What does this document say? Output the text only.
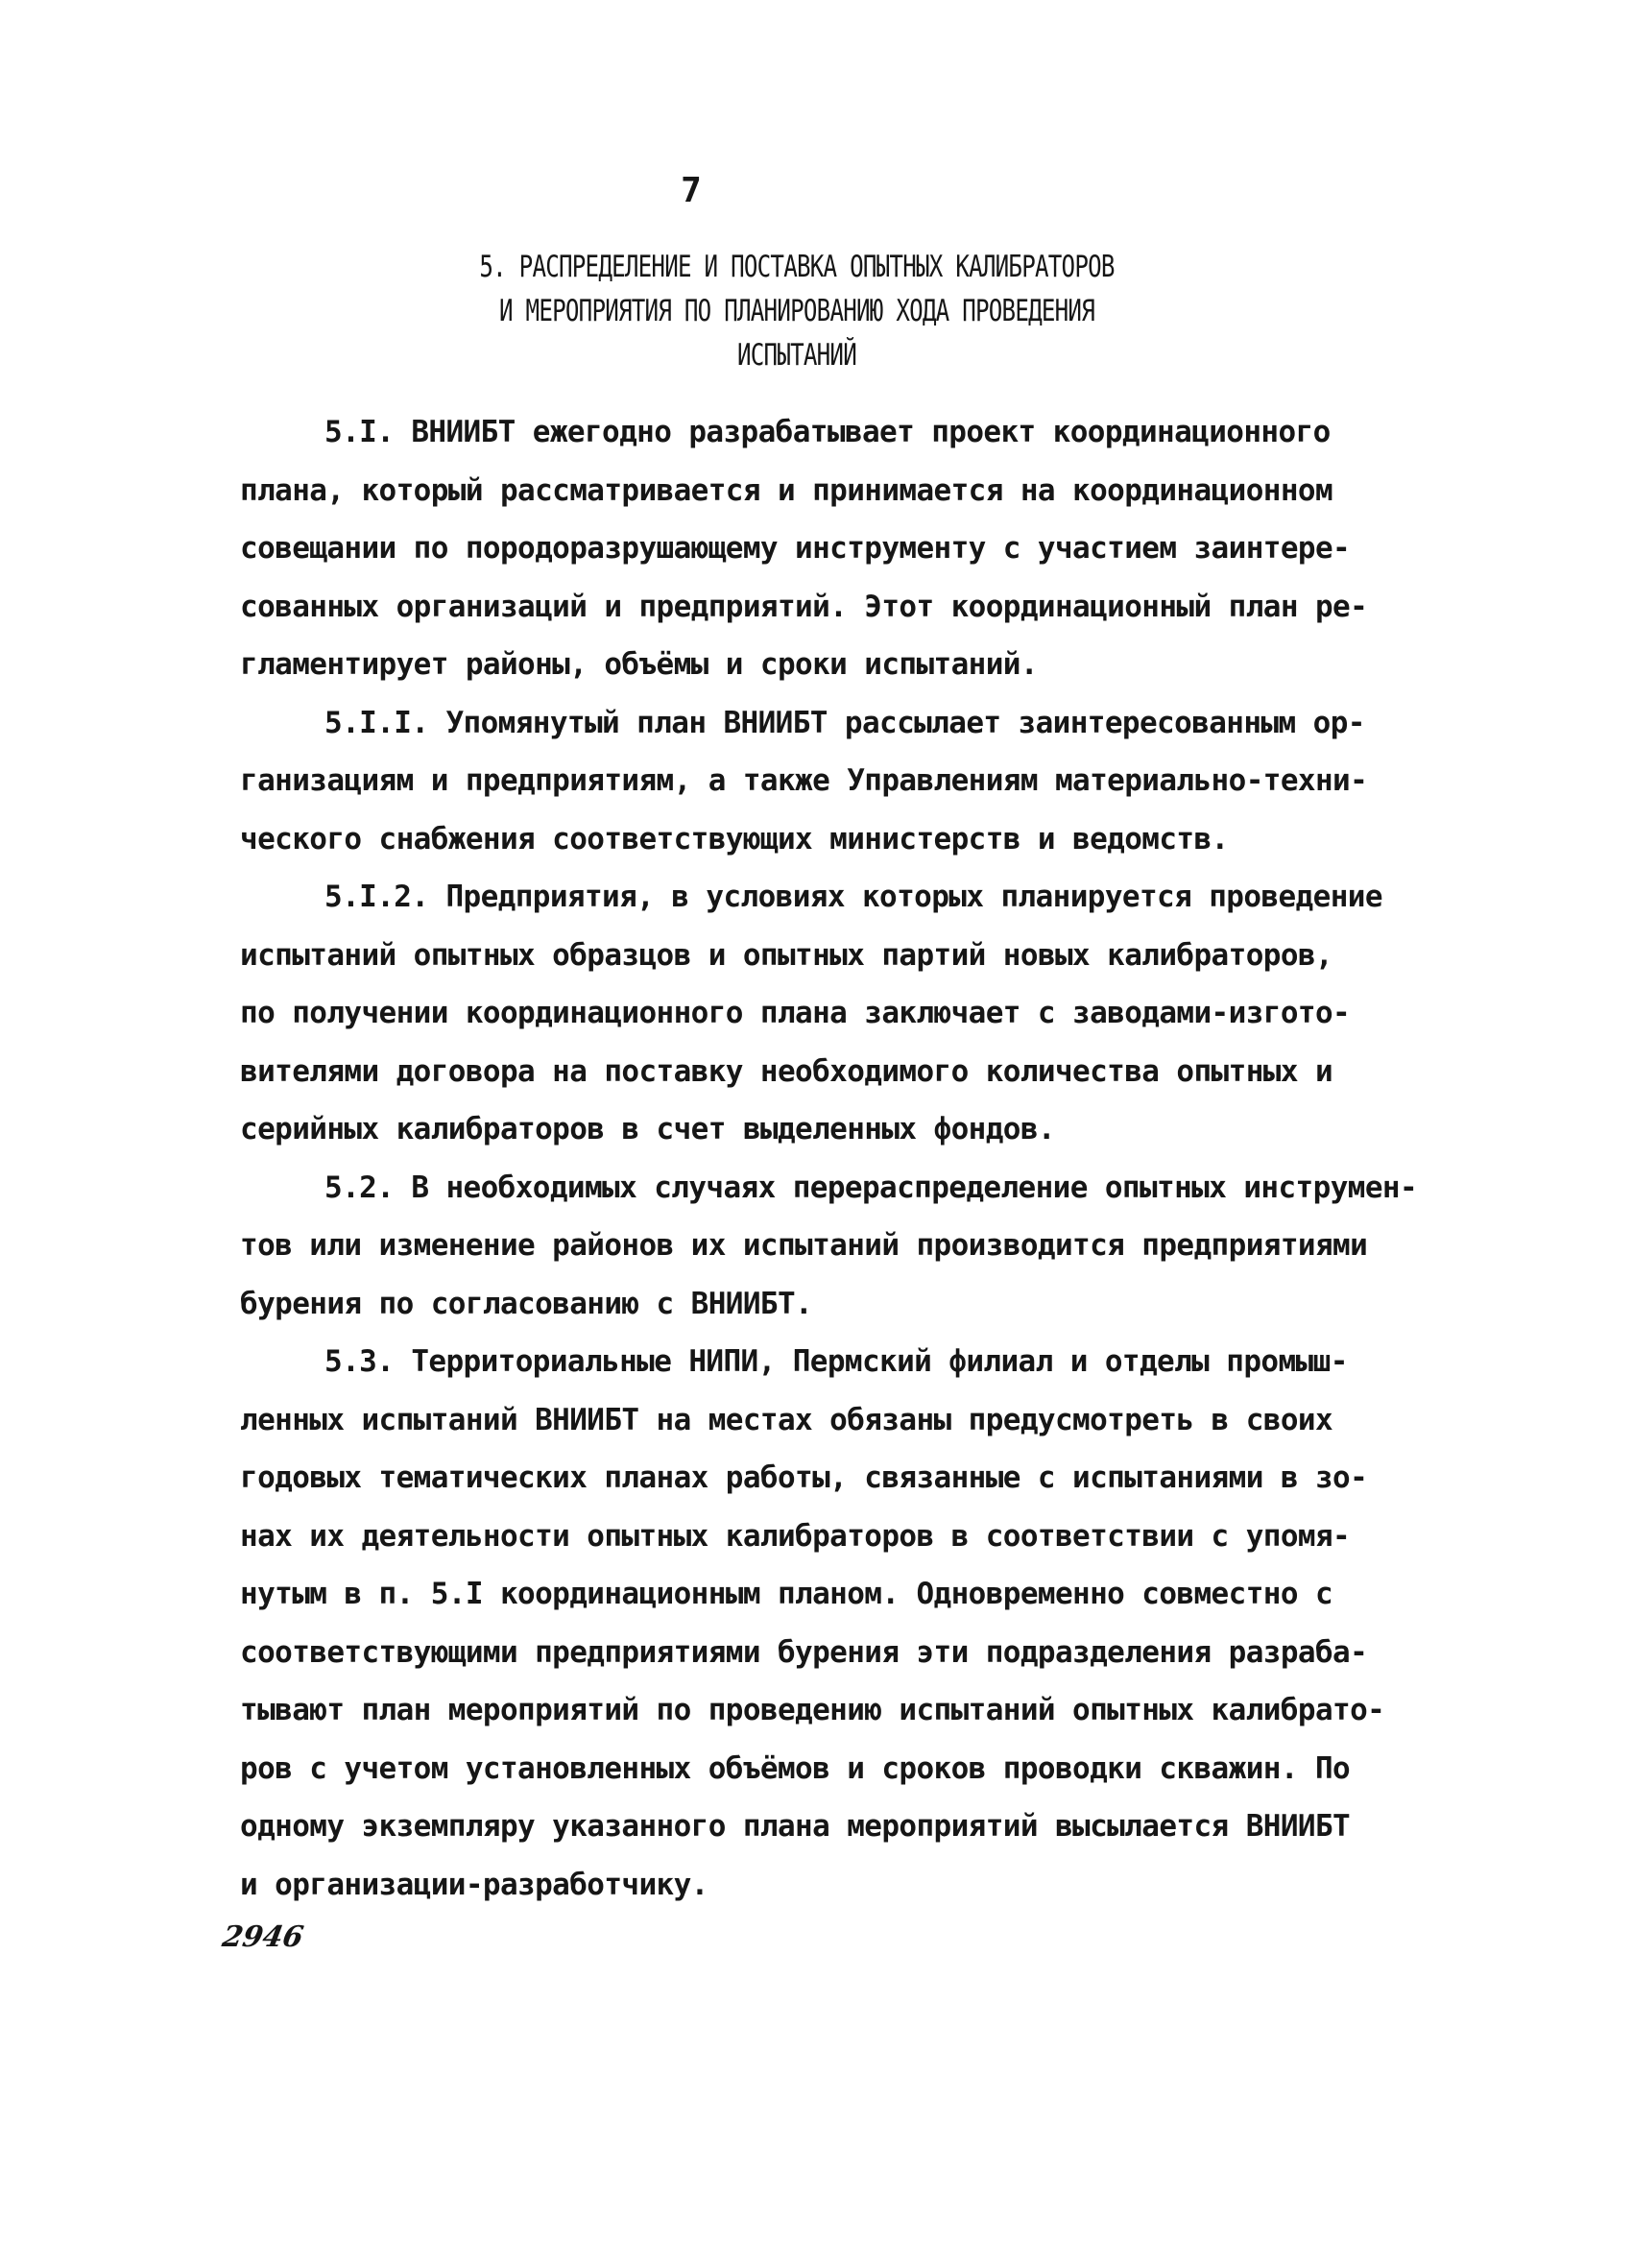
7
5. РАСПРЕДЕЛЕНИЕ И ПОСТАВКА ОПЫТНЫХ КАЛИБРАТОРОВ
И МЕРОПРИЯТИЯ ПО ПЛАНИРОВАНИЮ ХОДА ПРОВЕДЕНИЯ
ИСПЫТАНИЙ
5.I. ВНИИБТ ежегодно разрабатывает проект координационного
плана, который рассматривается и принимается на координационном
совещании по породоразрушающему инструменту с участием заинтере-
сованных организаций и предприятий. Этот координационный план ре-
гламентирует районы, объёмы и сроки испытаний.
5.I.I. Упомянутый план ВНИИБТ рассылает заинтересованным ор-
ганизациям и предприятиям, а также Управлениям материально-техни-
ческого снабжения соответствующих министерств и ведомств.
5.I.2. Предприятия, в условиях которых планируется проведение
испытаний опытных образцов и опытных партий новых калибраторов,
по получении координационного плана заключает с заводами-изгото-
вителями договора на поставку необходимого количества опытных и
серийных калибраторов в счет выделенных фондов.
5.2. В необходимых случаях перераспределение опытных инструмен-
тов или изменение районов их испытаний производится предприятиями
бурения по согласованию с ВНИИБТ.
5.3. Территориальные НИПИ, Пермский филиал и отделы промыш-
ленных испытаний ВНИИБТ на местах обязаны предусмотреть в своих
годовых тематических планах работы, связанные с испытаниями в зо-
нах их деятельности опытных калибраторов в соответствии с упомя-
нутым в п. 5.I координационным планом. Одновременно совместно с
соответствующими предприятиями бурения эти подразделения разраба-
тывают план мероприятий по проведению испытаний опытных калибрато-
ров с учетом установленных объёмов и сроков проводки скважин. По
одному экземпляру указанного плана мероприятий высылается ВНИИБТ
и организации-разработчику.
2946
